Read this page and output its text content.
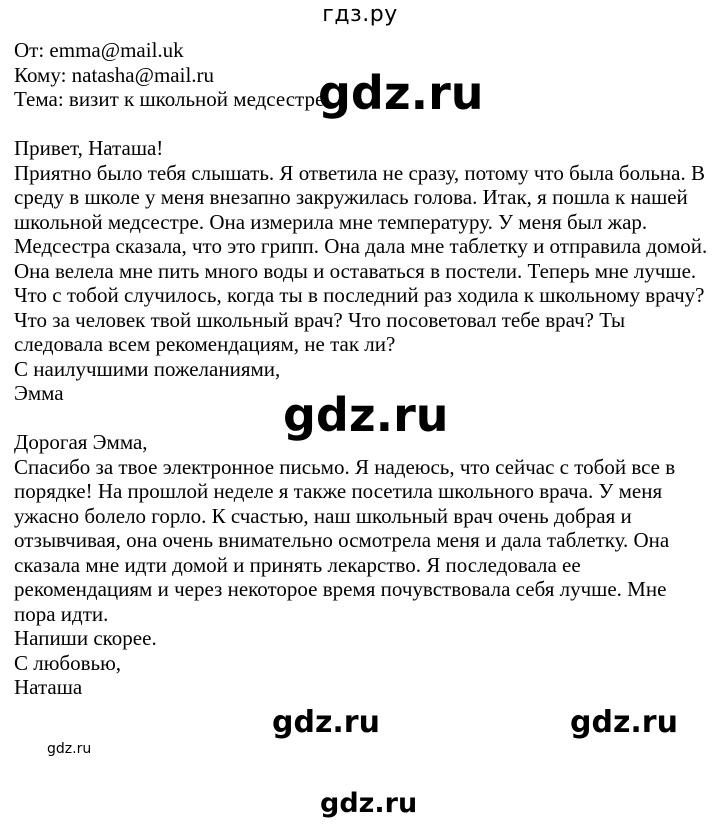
гдз.ру
От: emma@mail.uk
Кому: natasha@mail.ru
Тема: визит к школьной медсестре
Привет, Наташа!
Приятно было тебя слышать. Я ответила не сразу, потому что была больна. В
среду в школе у меня внезапно закружилась голова. Итак, я пошла к нашей
школьной медсестре. Она измерила мне температуру. У меня был жар.
Медсестра сказала, что это грипп. Она дала мне таблетку и отправила домой.
Она велела мне пить много воды и оставаться в постели. Теперь мне лучше.
Что с тобой случилось, когда ты в последний раз ходила к школьному врачу?
Что за человек твой школьный врач? Что посоветовал тебе врач? Ты
следовала всем рекомендациям, не так ли?
С наилучшими пожеланиями,
Эмма
Дорогая Эмма,
Спасибо за твое электронное письмо. Я надеюсь, что сейчас с тобой все в
порядке! На прошлой неделе я также посетила школьного врача. У меня
ужасно болело горло. К счастью, наш школьный врач очень добрая и
отзывчивая, она очень внимательно осмотрела меня и дала таблетку. Она
сказала мне идти домой и принять лекарство. Я последовала ее
рекомендациям и через некоторое время почувствовала себя лучше. Мне
пора идти.
Напиши скорее.
С любовью,
Наташа
gdz.ru
gdz.ru
gdz.ru	gdz.ru
gdz.ru
gdz.ru
